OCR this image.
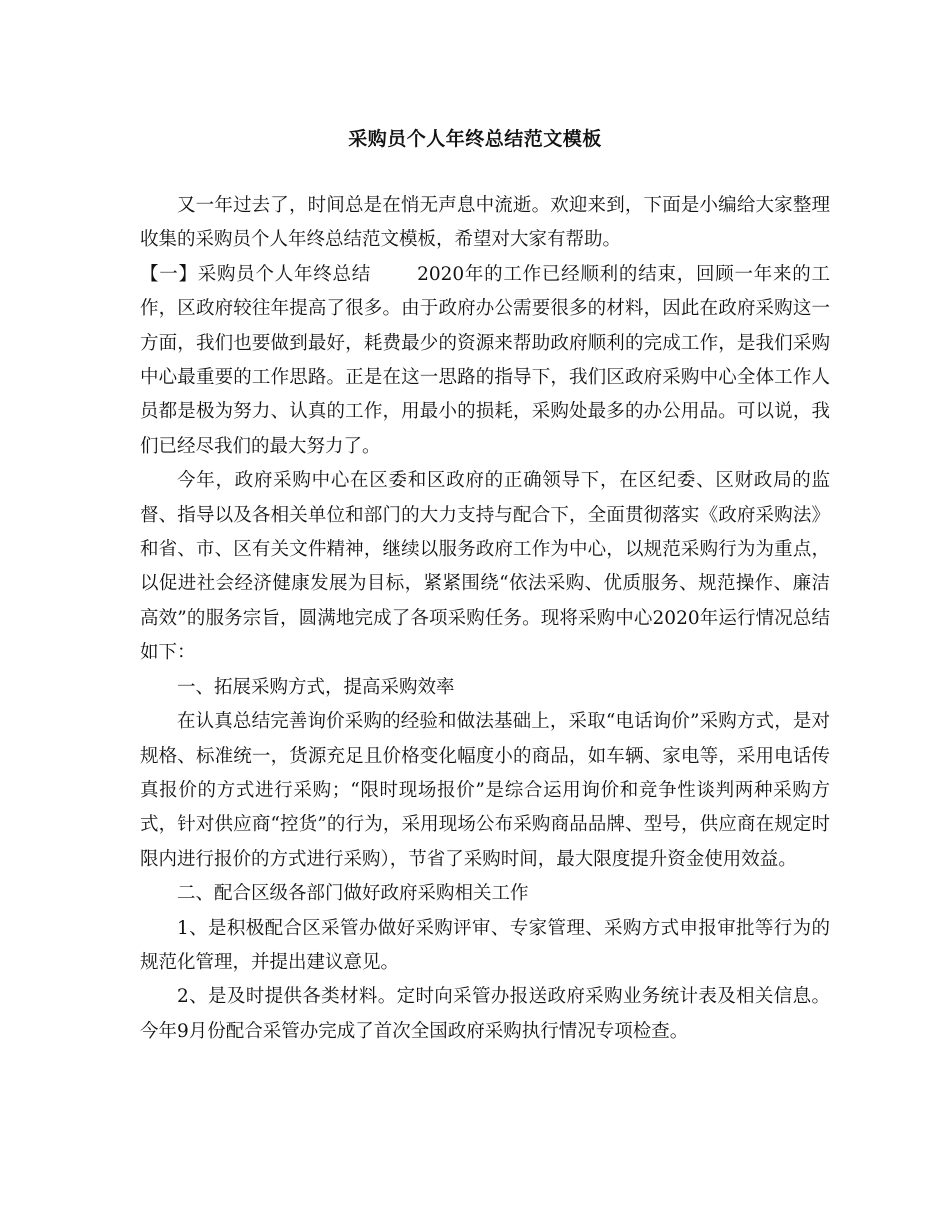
采购员个人年终总结范文模板

又一年过去了，时间总是在悄无声息中流逝。欢迎来到，下面是小编给大家整理收集的采购员个人年终总结范文模板，希望对大家有帮助。

【一】采购员个人年终总结 2020年的工作已经顺利的结束，回顾一年来的工作，区政府较往年提高了很多。由于政府办公需要很多的材料，因此在政府采购这一方面，我们也要做到最好，耗费最少的资源来帮助政府顺利的完成工作，是我们采购中心最重要的工作思路。正是在这一思路的指导下，我们区政府采购中心全体工作人员都是极为努力、认真的工作，用最小的损耗，采购处最多的办公用品。可以说，我们已经尽我们的最大努力了。

今年，政府采购中心在区委和区政府的正确领导下，在区纪委、区财政局的监督、指导以及各相关单位和部门的大力支持与配合下，全面贯彻落实《政府采购法》和省、市、区有关文件精神，继续以服务政府工作为中心，以规范采购行为为重点，以促进社会经济健康发展为目标，紧紧围绕“依法采购、优质服务、规范操作、廉洁高效”的服务宗旨，圆满地完成了各项采购任务。现将采购中心2020年运行情况总结如下：

一、拓展采购方式，提高采购效率

在认真总结完善询价采购的经验和做法基础上，采取“电话询价”采购方式，是对规格、标准统一，货源充足且价格变化幅度小的商品，如车辆、家电等，采用电话传真报价的方式进行采购；“限时现场报价”是综合运用询价和竞争性谈判两种采购方式，针对供应商“控货”的行为，采用现场公布采购商品品牌、型号，供应商在规定时限内进行报价的方式进行采购），节省了采购时间，最大限度提升资金使用效益。

二、配合区级各部门做好政府采购相关工作

1、是积极配合区采管办做好采购评审、专家管理、采购方式申报审批等行为的规范化管理，并提出建议意见。

2、是及时提供各类材料。定时向采管办报送政府采购业务统计表及相关信息。今年9月份配合采管办完成了首次全国政府采购执行情况专项检查。
